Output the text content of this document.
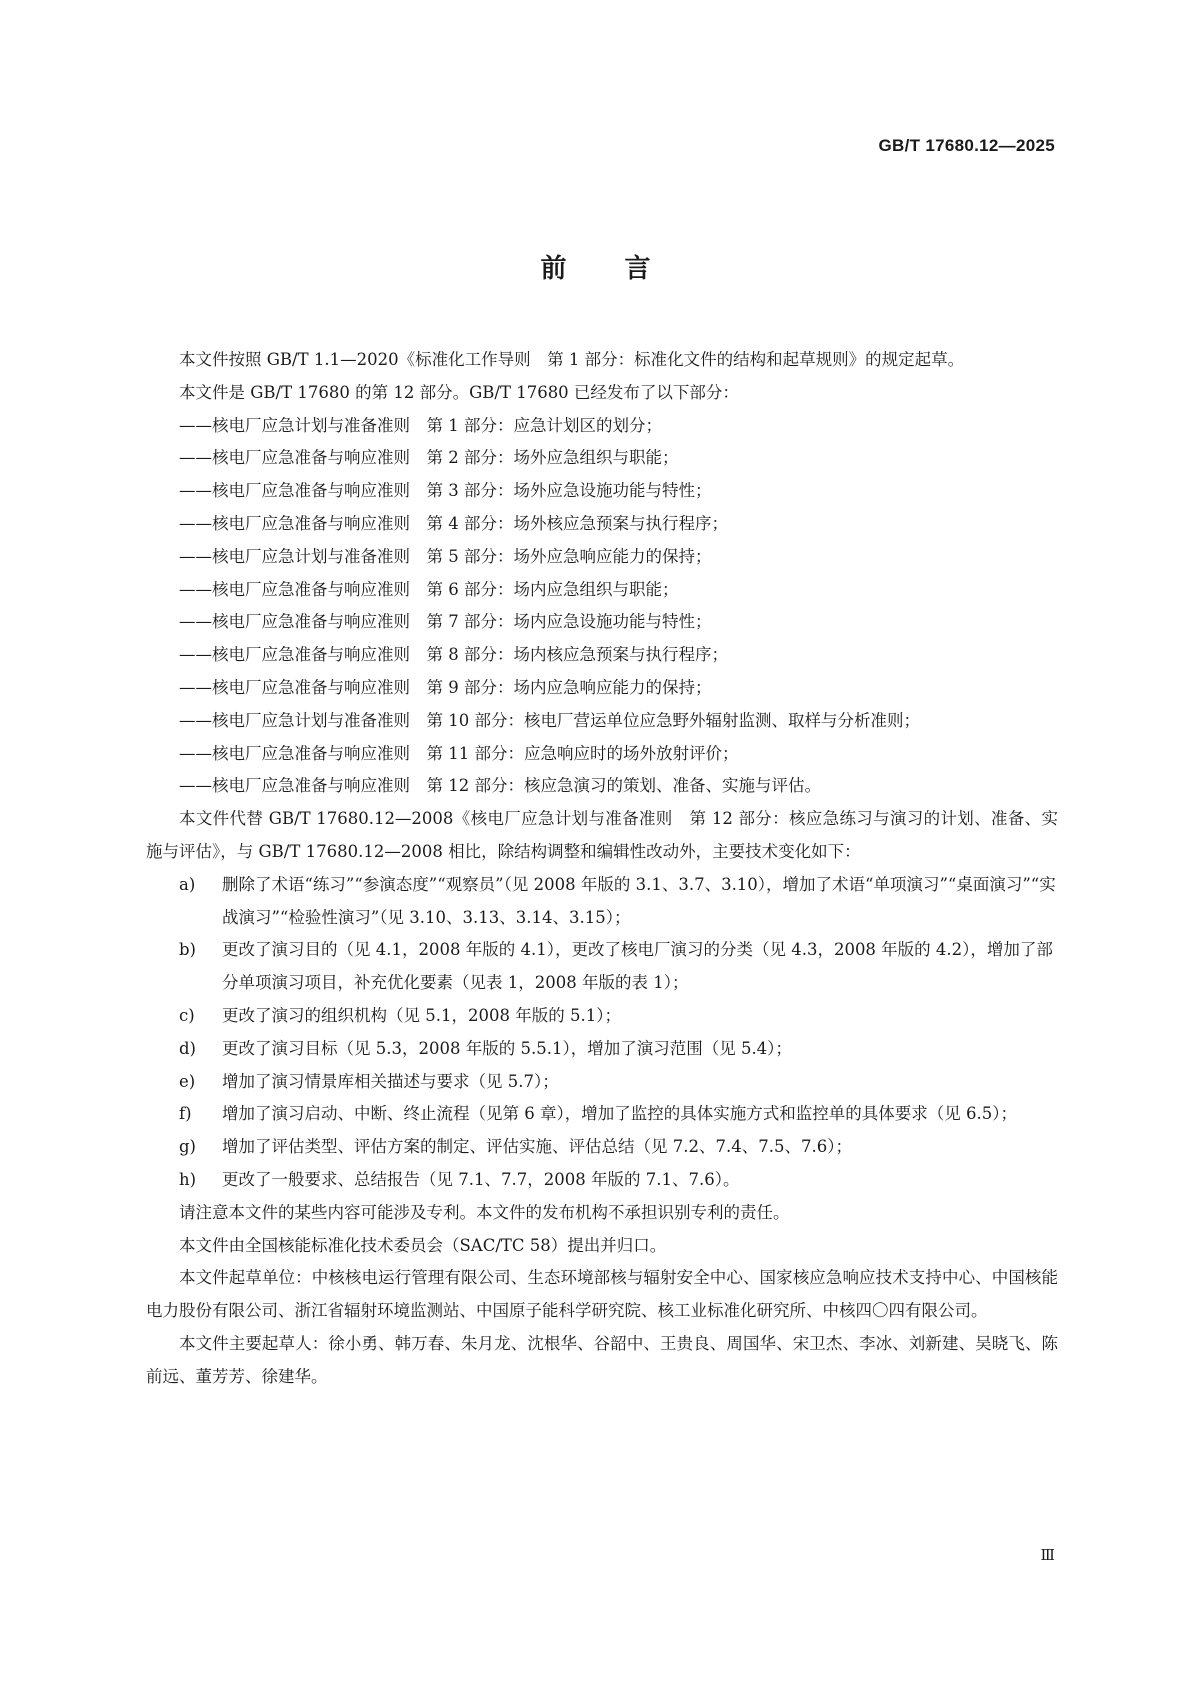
GB/T 17680.12—2025
前言

本文件按照 GB/T 1.1—2020《标准化工作导则　第 1 部分：标准化文件的结构和起草规则》的规定起草。

本文件是 GB/T 17680 的第 12 部分。GB/T 17680 已经发布了以下部分：

——核电厂应急计划与准备准则　第 1 部分：应急计划区的划分；

——核电厂应急准备与响应准则　第 2 部分：场外应急组织与职能；

——核电厂应急准备与响应准则　第 3 部分：场外应急设施功能与特性；

——核电厂应急准备与响应准则　第 4 部分：场外核应急预案与执行程序；

——核电厂应急计划与准备准则　第 5 部分：场外应急响应能力的保持；

——核电厂应急准备与响应准则　第 6 部分：场内应急组织与职能；

——核电厂应急准备与响应准则　第 7 部分：场内应急设施功能与特性；

——核电厂应急准备与响应准则　第 8 部分：场内核应急预案与执行程序；

——核电厂应急准备与响应准则　第 9 部分：场内应急响应能力的保持；

——核电厂应急计划与准备准则　第 10 部分：核电厂营运单位应急野外辐射监测、取样与分析准则；

——核电厂应急准备与响应准则　第 11 部分：应急响应时的场外放射评价；

——核电厂应急准备与响应准则　第 12 部分：核应急演习的策划、准备、实施与评估。

本文件代替 GB/T 17680.12—2008《核电厂应急计划与准备准则　第 12 部分：核应急练习与演习的计划、准备、实施与评估》，与 GB/T 17680.12—2008 相比，除结构调整和编辑性改动外，主要技术变化如下：

a) 删除了术语“练习”“参演态度”“观察员”（见 2008 年版的 3.1、3.7、3.10），增加了术语“单项演习”“桌面演习”“实战演习”“检验性演习”（见 3.10、3.13、3.14、3.15）；

b) 更改了演习目的（见 4.1，2008 年版的 4.1），更改了核电厂演习的分类（见 4.3，2008 年版的 4.2），增加了部分单项演习项目，补充优化要素（见表 1，2008 年版的表 1）；

c) 更改了演习的组织机构（见 5.1，2008 年版的 5.1）；

d) 更改了演习目标（见 5.3，2008 年版的 5.5.1），增加了演习范围（见 5.4）；

e) 增加了演习情景库相关描述与要求（见 5.7）；

f) 增加了演习启动、中断、终止流程（见第 6 章），增加了监控的具体实施方式和监控单的具体要求（见 6.5）；

g) 增加了评估类型、评估方案的制定、评估实施、评估总结（见 7.2、7.4、7.5、7.6）；

h) 更改了一般要求、总结报告（见 7.1、7.7，2008 年版的 7.1、7.6）。

请注意本文件的某些内容可能涉及专利。本文件的发布机构不承担识别专利的责任。

本文件由全国核能标准化技术委员会（SAC/TC 58）提出并归口。

本文件起草单位：中核核电运行管理有限公司、生态环境部核与辐射安全中心、国家核应急响应技术支持中心、中国核能电力股份有限公司、浙江省辐射环境监测站、中国原子能科学研究院、核工业标准化研究所、中核四〇四有限公司。

本文件主要起草人：徐小勇、韩万春、朱月龙、沈根华、谷韶中、王贵良、周国华、宋卫杰、李冰、刘新建、吴晓飞、陈前远、董芳芳、徐建华。

Ⅲ
